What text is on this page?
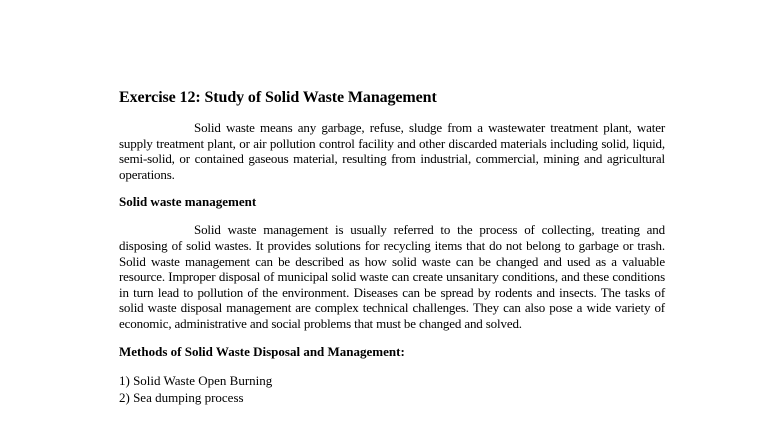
Exercise 12: Study of Solid Waste Management

Solid waste means any garbage, refuse, sludge from a wastewater treatment plant, water supply treatment plant, or air pollution control facility and other discarded materials including solid, liquid, semi-solid, or contained gaseous material, resulting from industrial, commercial, mining and agricultural operations.

Solid waste management

Solid waste management is usually referred to the process of collecting, treating and disposing of solid wastes. It provides solutions for recycling items that do not belong to garbage or trash. Solid waste management can be described as how solid waste can be changed and used as a valuable resource. Improper disposal of municipal solid waste can create unsanitary conditions, and these conditions in turn lead to pollution of the environment. Diseases can be spread by rodents and insects. The tasks of solid waste disposal management are complex technical challenges. They can also pose a wide variety of economic, administrative and social problems that must be changed and solved.

Methods of Solid Waste Disposal and Management:
1) Solid Waste Open Burning
2) Sea dumping process
